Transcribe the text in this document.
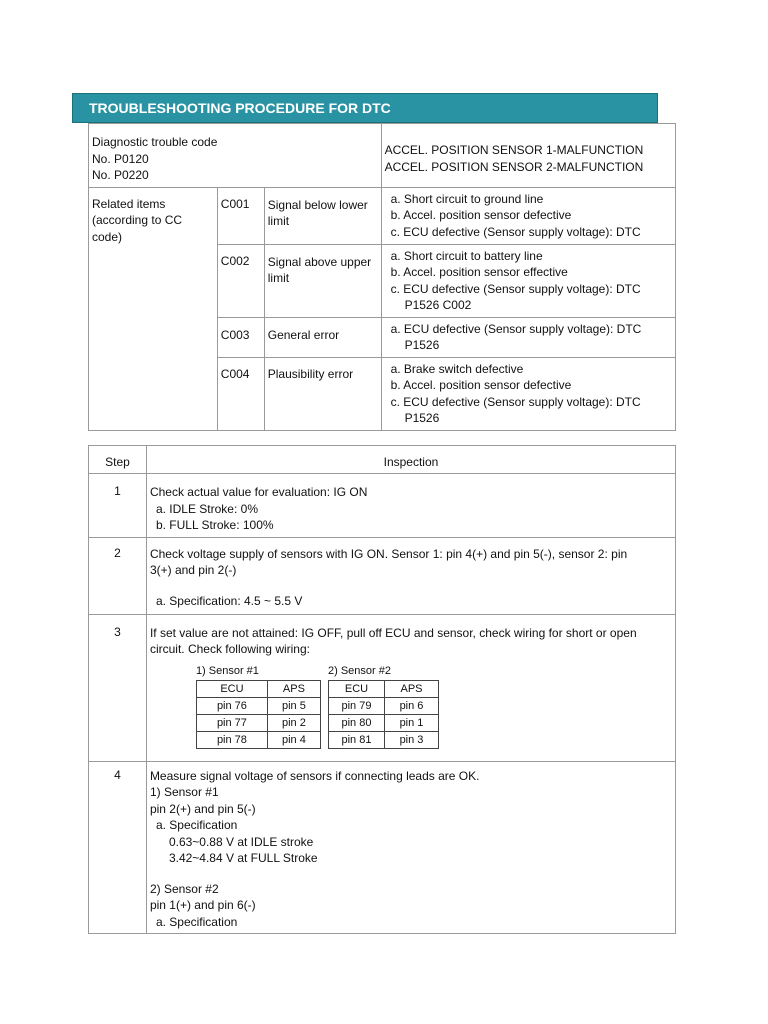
TROUBLESHOOTING PROCEDURE FOR DTC
Diagnostic trouble code
No. P0120
No. P0220			ACCEL. POSITION SENSOR 1-MALFUNCTION
ACCEL. POSITION SENSOR 2-MALFUNCTION

Related items
(according to CC
code)	C001	Signal below lower limit	a. Short circuit to ground line
b. Accel. position sensor defective
c. ECU defective (Sensor supply voltage): DTC

	C002	Signal above upper limit	a. Short circuit to battery line
b. Accel. position sensor effective
c. ECU defective (Sensor supply voltage): DTC
P1526 C002

	C003	General error	a. ECU defective (Sensor supply voltage): DTC
P1526

	C004	Plausibility error	a. Brake switch defective
b. Accel. position sensor defective
c. ECU defective (Sensor supply voltage): DTC
P1526
Step	Inspection
1	Check actual value for evaluation: IG ON
a. IDLE Stroke: 0%
b. FULL Stroke: 100%

2	Check voltage supply of sensors with IG ON. Sensor 1: pin 4(+) and pin 5(-), sensor 2: pin
3(+) and pin 2(-)
a. Specification: 4.5 ~ 5.5 V

3	If set value are not attained: IG OFF, pull off ECU and sensor, check wiring for short or open
circuit. Check following wiring:
1) Sensor #1
ECU	APS
pin 76	pin 5
pin 77	pin 2
pin 78	pin 4

2) Sensor #2
ECU	APS
pin 79	pin 6
pin 80	pin 1
pin 81	pin 3

4	Measure signal voltage of sensors if connecting leads are OK.
1) Sensor #1
pin 2(+) and pin 5(-)
a. Specification
0.63~0.88 V at IDLE stroke
3.42~4.84 V at FULL Stroke
2) Sensor #2
pin 1(+) and pin 6(-)
a. Specification
